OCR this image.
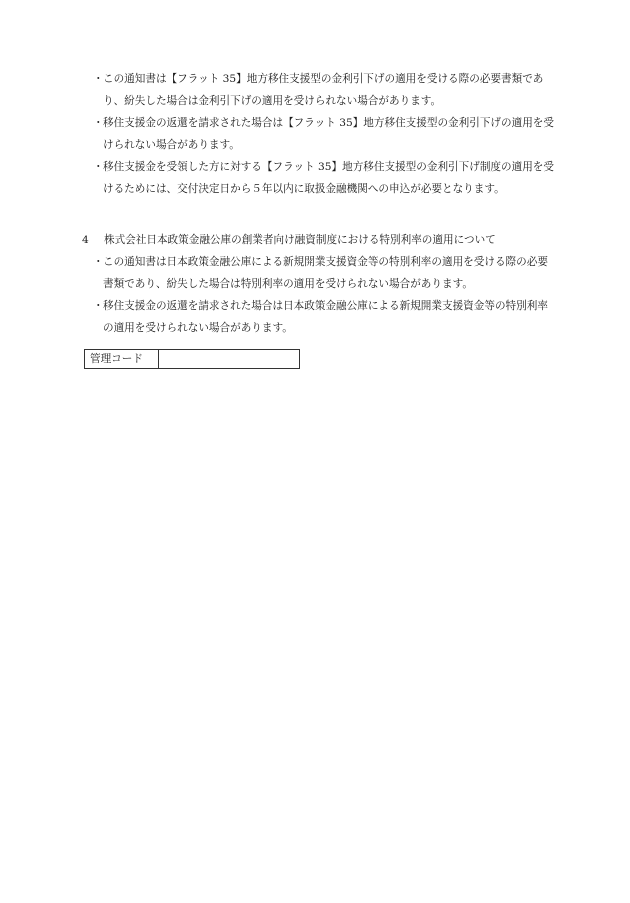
・ この通知書は【フラット 35】地方移住支援型の金利引下げの適用を受ける際の必要書類であり、紛失した場合は金利引下げの適用を受けられない場合があります。

・ 移住支援金の返還を請求された場合は【フラット 35】地方移住支援型の金利引下げの適用を受けられない場合があります。

・ 移住支援金を受領した方に対する【フラット 35】地方移住支援型の金利引下げ制度の適用を受けるためには、交付決定日から５年以内に取扱金融機関への申込が必要となります。

4 株式会社日本政策金融公庫の創業者向け融資制度における特別利率の適用について

・ この通知書は日本政策金融公庫による新規開業支援資金等の特別利率の適用を受ける際の必要書類であり、紛失した場合は特別利率の適用を受けられない場合があります。

・ 移住支援金の返還を請求された場合は日本政策金融公庫による新規開業支援資金等の特別利率の適用を受けられない場合があります。

管理コード
